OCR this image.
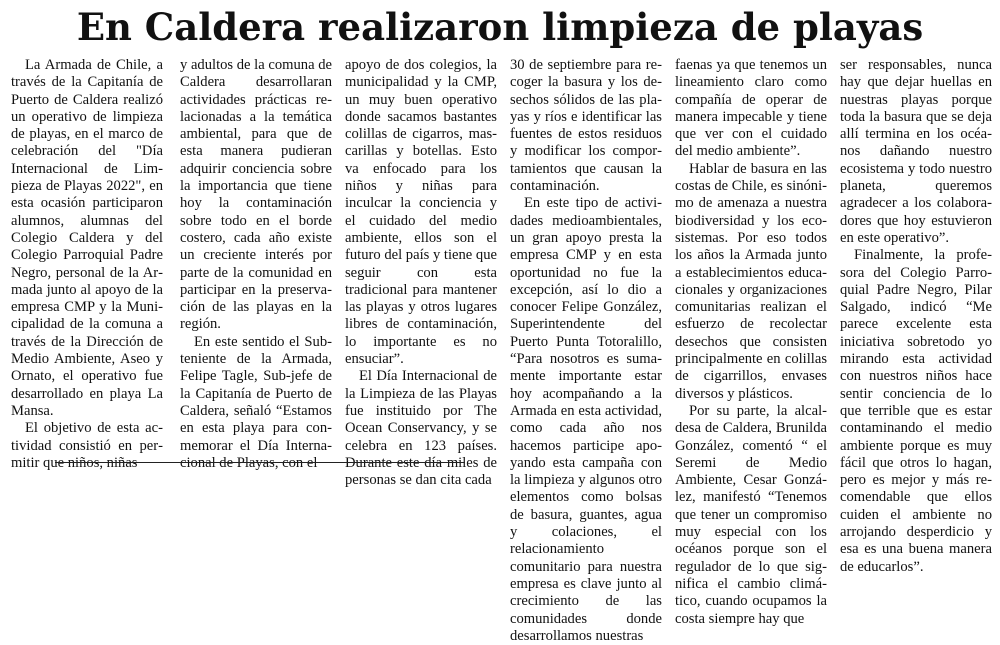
En Caldera realizaron limpieza de playas

La Armada de Chile, a través de la Capitanía de Puerto de Caldera realizó un operativo de limpieza de playas, en el marco de celebración del "Día Internacional de Limpieza de Playas 2022", en esta ocasión participaron alumnos, alumnas del Colegio Caldera y del Colegio Parroquial Padre Negro, personal de la Armada junto al apoyo de la empresa CMP y la Municipalidad de la comuna a través de la Dirección de Medio Ambiente, Aseo y Ornato, el operativo fue desarrollado en playa La Mansa.

El objetivo de esta actividad consistió en permitir que niños, niñas

y adultos de la comuna de Caldera desarrollaran actividades prácticas relacionadas a la temática ambiental, para que de esta manera pudieran adquirir conciencia sobre la importancia que tiene hoy la contaminación sobre todo en el borde costero, cada año existe un creciente interés por parte de la comunidad en participar en la preservación de las playas en la región.

En este sentido el Subteniente de la Armada, Felipe Tagle, Sub-jefe de la Capitanía de Puerto de Caldera, señaló “Estamos en esta playa para conmemorar el Día Internacional de Playas, con el

apoyo de dos colegios, la municipalidad y la CMP, un muy buen operativo donde sacamos bastantes colillas de cigarros, mascarillas y botellas. Esto va enfocado para los niños y niñas para inculcar la conciencia y el cuidado del medio ambiente, ellos son el futuro del país y tiene que seguir con esta tradicional para mantener las playas y otros lugares libres de contaminación, lo importante es no ensuciar”.

El Día Internacional de la Limpieza de las Playas fue instituido por The Ocean Conservancy, y se celebra en 123 países. Durante este día miles de personas se dan cita cada

30 de septiembre para recoger la basura y los desechos sólidos de las playas y ríos e identificar las fuentes de estos residuos y modificar los comportamientos que causan la contaminación.

En este tipo de actividades medioambientales, un gran apoyo presta la empresa CMP y en esta oportunidad no fue la excepción, así lo dio a conocer Felipe González, Superintendente del Puerto Punta Totoralillo, “Para nosotros es sumamente importante estar hoy acompañando a la Armada en esta actividad, como cada año nos hacemos participe apoyando esta campaña con la limpieza y algunos otro elementos como bolsas de basura, guantes, agua y colaciones, el relacionamiento comunitario para nuestra empresa es clave junto al crecimiento de las comunidades donde desarrollamos nuestras

faenas ya que tenemos un lineamiento claro como compañía de operar de manera impecable y tiene que ver con el cuidado del medio ambiente”.

Hablar de basura en las costas de Chile, es sinónimo de amenaza a nuestra biodiversidad y los ecosistemas. Por eso todos los años la Armada junto a establecimientos educacionales y organizaciones comunitarias realizan el esfuerzo de recolectar desechos que consisten principalmente en colillas de cigarrillos, envases diversos y plásticos.

Por su parte, la alcaldesa de Caldera, Brunilda González, comentó “ el Seremi de Medio Ambiente, Cesar González, manifestó “Tenemos que tener un compromiso muy especial con los océanos porque son el regulador de lo que significa el cambio climático, cuando ocupamos la costa siempre hay que

ser responsables, nunca hay que dejar huellas en nuestras playas porque toda la basura que se deja allí termina en los océanos dañando nuestro ecosistema y todo nuestro planeta, queremos agradecer a los colaboradores que hoy estuvieron en este operativo”.

Finalmente, la profesora del Colegio Parroquial Padre Negro, Pilar Salgado, indicó “Me parece excelente esta iniciativa sobretodo yo mirando esta actividad con nuestros niños hace sentir conciencia de lo que terrible que es estar contaminando el medio ambiente porque es muy fácil que otros lo hagan, pero es mejor y más recomendable que ellos cuiden el ambiente no arrojando desperdicio y esa es una buena manera de educarlos”.
